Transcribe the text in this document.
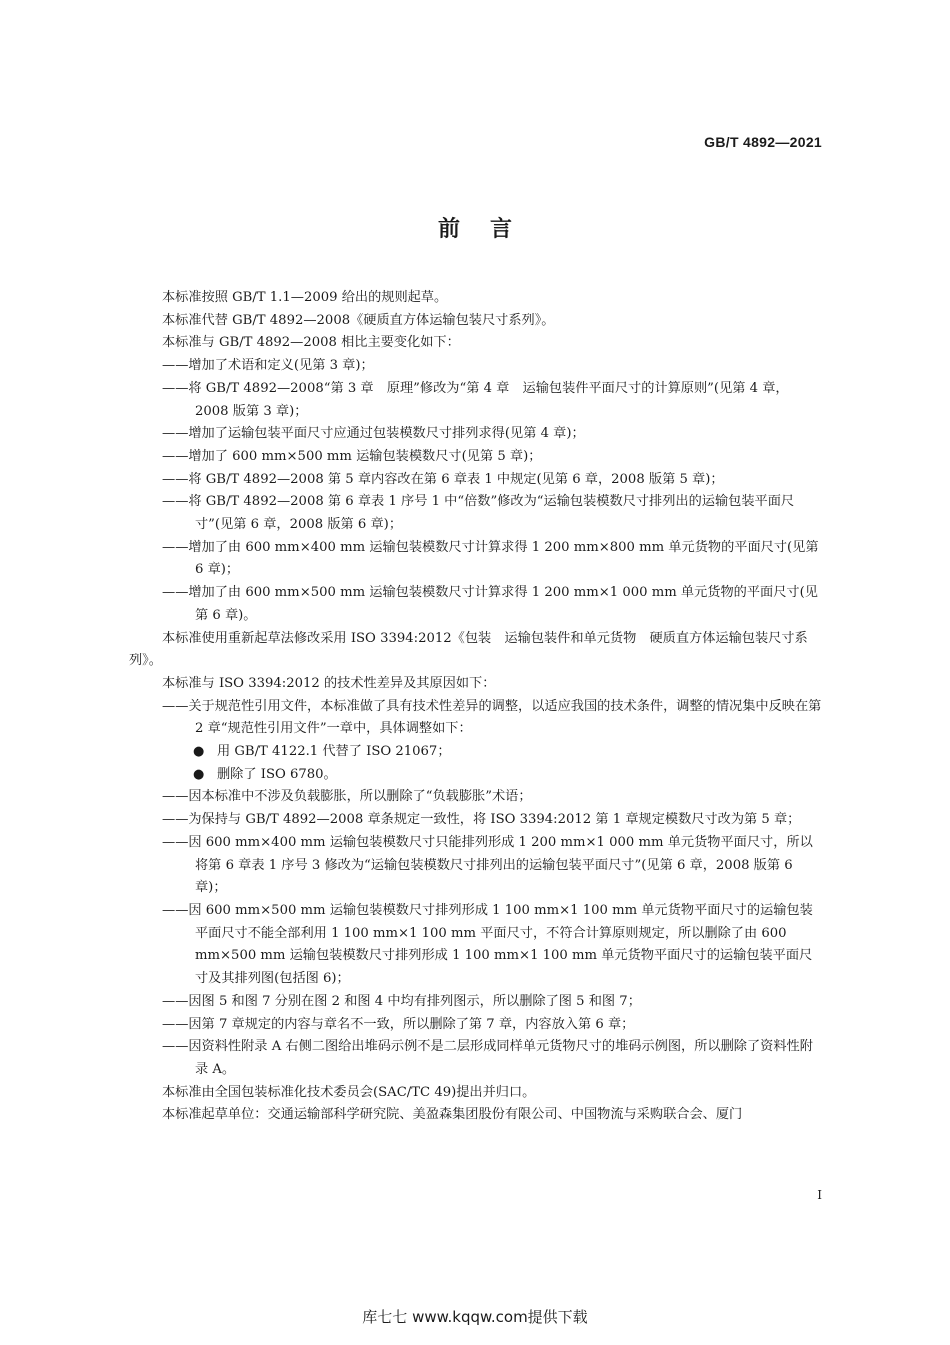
GB/T 4892—2021
前言

本标准按照 GB/T 1.1—2009 给出的规则起草。

本标准代替 GB/T 4892—2008《硬质直方体运输包装尺寸系列》。

本标准与 GB/T 4892—2008 相比主要变化如下：

——增加了术语和定义(见第 3 章)；

——将 GB/T 4892—2008“第 3 章　原理”修改为“第 4 章　运输包装件平面尺寸的计算原则”(见第 4 章，2008 版第 3 章)；

——增加了运输包装平面尺寸应通过包装模数尺寸排列求得(见第 4 章)；

——增加了 600 mm×500 mm 运输包装模数尺寸(见第 5 章)；

——将 GB/T 4892—2008 第 5 章内容改在第 6 章表 1 中规定(见第 6 章，2008 版第 5 章)；

——将 GB/T 4892—2008 第 6 章表 1 序号 1 中“倍数”修改为“运输包装模数尺寸排列出的运输包装平面尺寸”(见第 6 章，2008 版第 6 章)；

——增加了由 600 mm×400 mm 运输包装模数尺寸计算求得 1 200 mm×800 mm 单元货物的平面尺寸(见第 6 章)；

——增加了由 600 mm×500 mm 运输包装模数尺寸计算求得 1 200 mm×1 000 mm 单元货物的平面尺寸(见第 6 章)。

本标准使用重新起草法修改采用 ISO 3394:2012《包装　运输包装件和单元货物　硬质直方体运输包装尺寸系列》。

本标准与 ISO 3394:2012 的技术性差异及其原因如下：

——关于规范性引用文件，本标准做了具有技术性差异的调整，以适应我国的技术条件，调整的情况集中反映在第 2 章“规范性引用文件”一章中，具体调整如下：

● 用 GB/T 4122.1 代替了 ISO 21067；

● 删除了 ISO 6780。

——因本标准中不涉及负载膨胀，所以删除了“负载膨胀”术语；

——为保持与 GB/T 4892—2008 章条规定一致性，将 ISO 3394:2012 第 1 章规定模数尺寸改为第 5 章；

——因 600 mm×400 mm 运输包装模数尺寸只能排列形成 1 200 mm×1 000 mm 单元货物平面尺寸，所以将第 6 章表 1 序号 3 修改为“运输包装模数尺寸排列出的运输包装平面尺寸”(见第 6 章，2008 版第 6 章)；

——因 600 mm×500 mm 运输包装模数尺寸排列形成 1 100 mm×1 100 mm 单元货物平面尺寸的运输包装平面尺寸不能全部利用 1 100 mm×1 100 mm 平面尺寸，不符合计算原则规定，所以删除了由 600 mm×500 mm 运输包装模数尺寸排列形成 1 100 mm×1 100 mm 单元货物平面尺寸的运输包装平面尺寸及其排列图(包括图 6)；

——因图 5 和图 7 分别在图 2 和图 4 中均有排列图示，所以删除了图 5 和图 7；

——因第 7 章规定的内容与章名不一致，所以删除了第 7 章，内容放入第 6 章；

——因资料性附录 A 右侧二图给出堆码示例不是二层形成同样单元货物尺寸的堆码示例图，所以删除了资料性附录 A。

本标准由全国包装标准化技术委员会(SAC/TC 49)提出并归口。

本标准起草单位：交通运输部科学研究院、美盈森集团股份有限公司、中国物流与采购联合会、厦门

I
库七七 www.kqqw.com提供下载
